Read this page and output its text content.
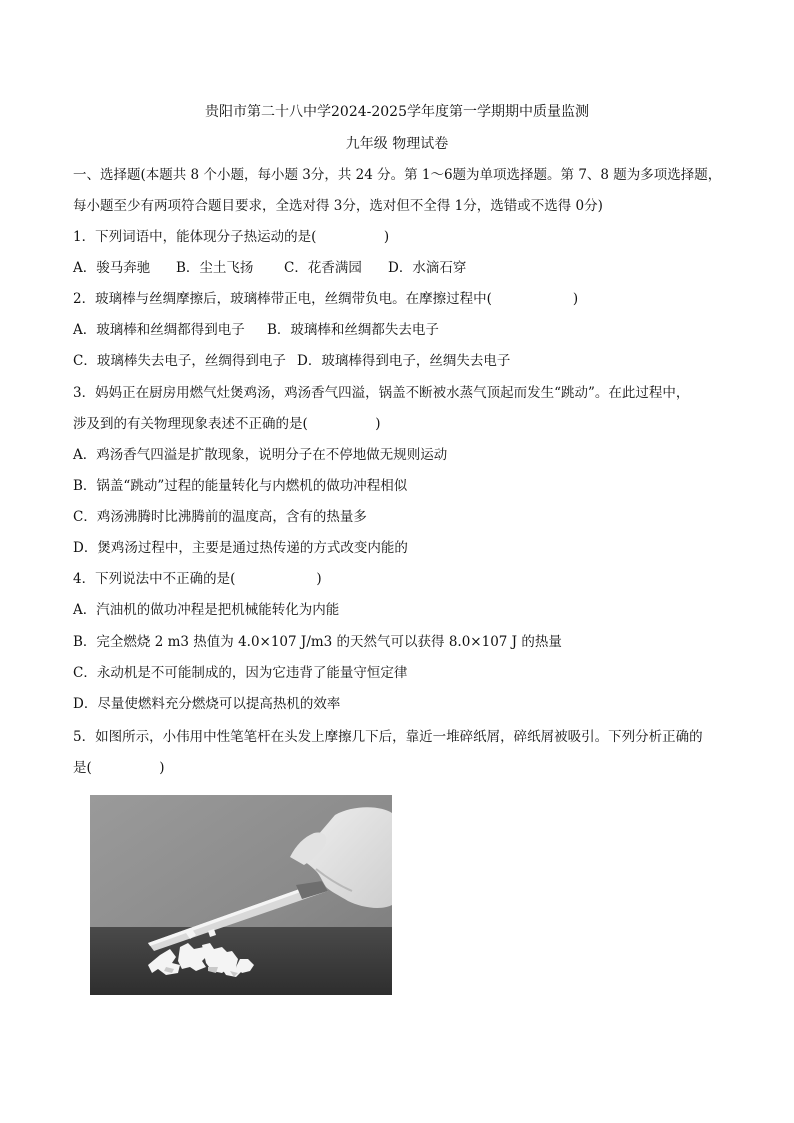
贵阳市第二十八中学2024-2025学年度第一学期期中质量监测
九年级 物理试卷
一、选择题(本题共 8 个小题，每小题 3分，共 24 分。第 1～6题为单项选择题。第 7、8 题为多项选择题，
每小题至少有两项符合题目要求，全选对得 3分，选对但不全得 1分，选错或不选得 0分)
1．下列词语中，能体现分子热运动的是(　　　　　)
A．骏马奔驰 B．尘土飞扬 C．花香满园 D．水滴石穿
2．玻璃棒与丝绸摩擦后，玻璃棒带正电，丝绸带负电。在摩擦过程中(　　　　　　)
A．玻璃棒和丝绸都得到电子 B．玻璃棒和丝绸都失去电子
C．玻璃棒失去电子，丝绸得到电子 D．玻璃棒得到电子，丝绸失去电子
3．妈妈正在厨房用燃气灶煲鸡汤，鸡汤香气四溢，锅盖不断被水蒸气顶起而发生“跳动”。在此过程中，
涉及到的有关物理现象表述不正确的是(　　　　　)
A．鸡汤香气四溢是扩散现象，说明分子在不停地做无规则运动
B．锅盖“跳动”过程的能量转化与内燃机的做功冲程相似
C．鸡汤沸腾时比沸腾前的温度高，含有的热量多
D．煲鸡汤过程中，主要是通过热传递的方式改变内能的
4．下列说法中不正确的是(　　　　　　)
A．汽油机的做功冲程是把机械能转化为内能
B．完全燃烧 2 m3 热值为 4.0×107 J/m3 的天然气可以获得 8.0×107 J 的热量
C．永动机是不可能制成的，因为它违背了能量守恒定律
D．尽量使燃料充分燃烧可以提高热机的效率
5．如图所示，小伟用中性笔笔杆在头发上摩擦几下后，靠近一堆碎纸屑，碎纸屑被吸引。下列分析正确的
是(　　　　　)
